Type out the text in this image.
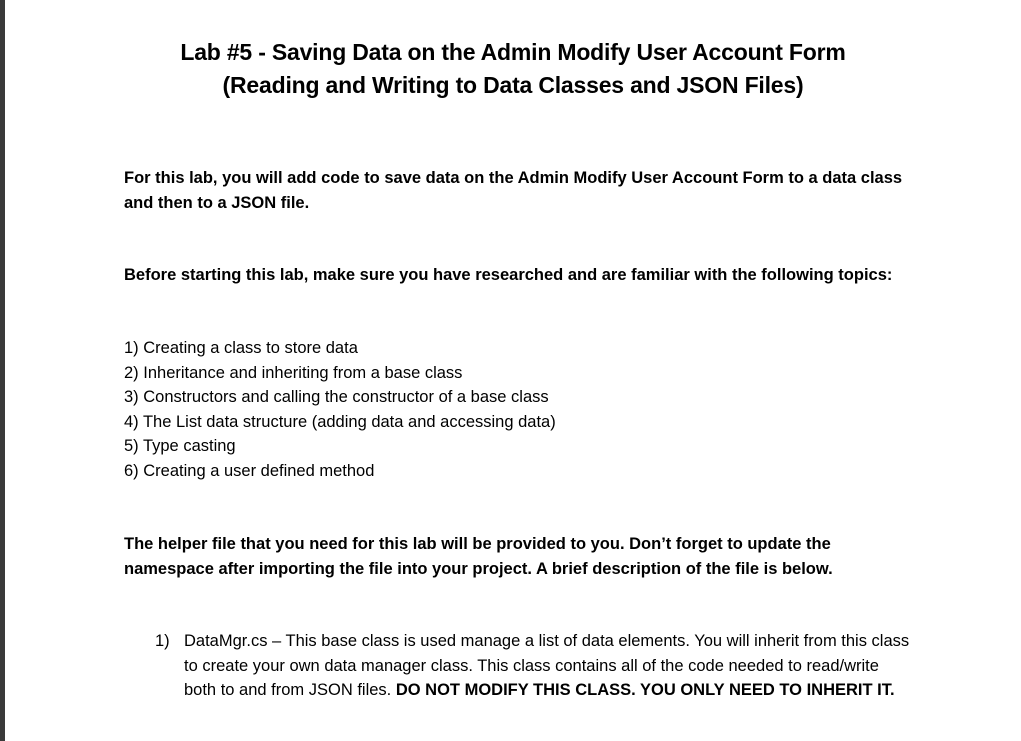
Lab #5 - Saving Data on the Admin Modify User Account Form
(Reading and Writing to Data Classes and JSON Files)
For this lab, you will add code to save data on the Admin Modify User Account Form to a data class and then to a JSON file.
Before starting this lab, make sure you have researched and are familiar with the following topics:
1) Creating a class to store data
2) Inheritance and inheriting from a base class
3) Constructors and calling the constructor of a base class
4) The List data structure (adding data and accessing data)
5) Type casting
6) Creating a user defined method
The helper file that you need for this lab will be provided to you. Don’t forget to update the namespace after importing the file into your project. A brief description of the file is below.
1) DataMgr.cs – This base class is used manage a list of data elements. You will inherit from this class to create your own data manager class. This class contains all of the code needed to read/write both to and from JSON files. DO NOT MODIFY THIS CLASS. YOU ONLY NEED TO INHERIT IT.
